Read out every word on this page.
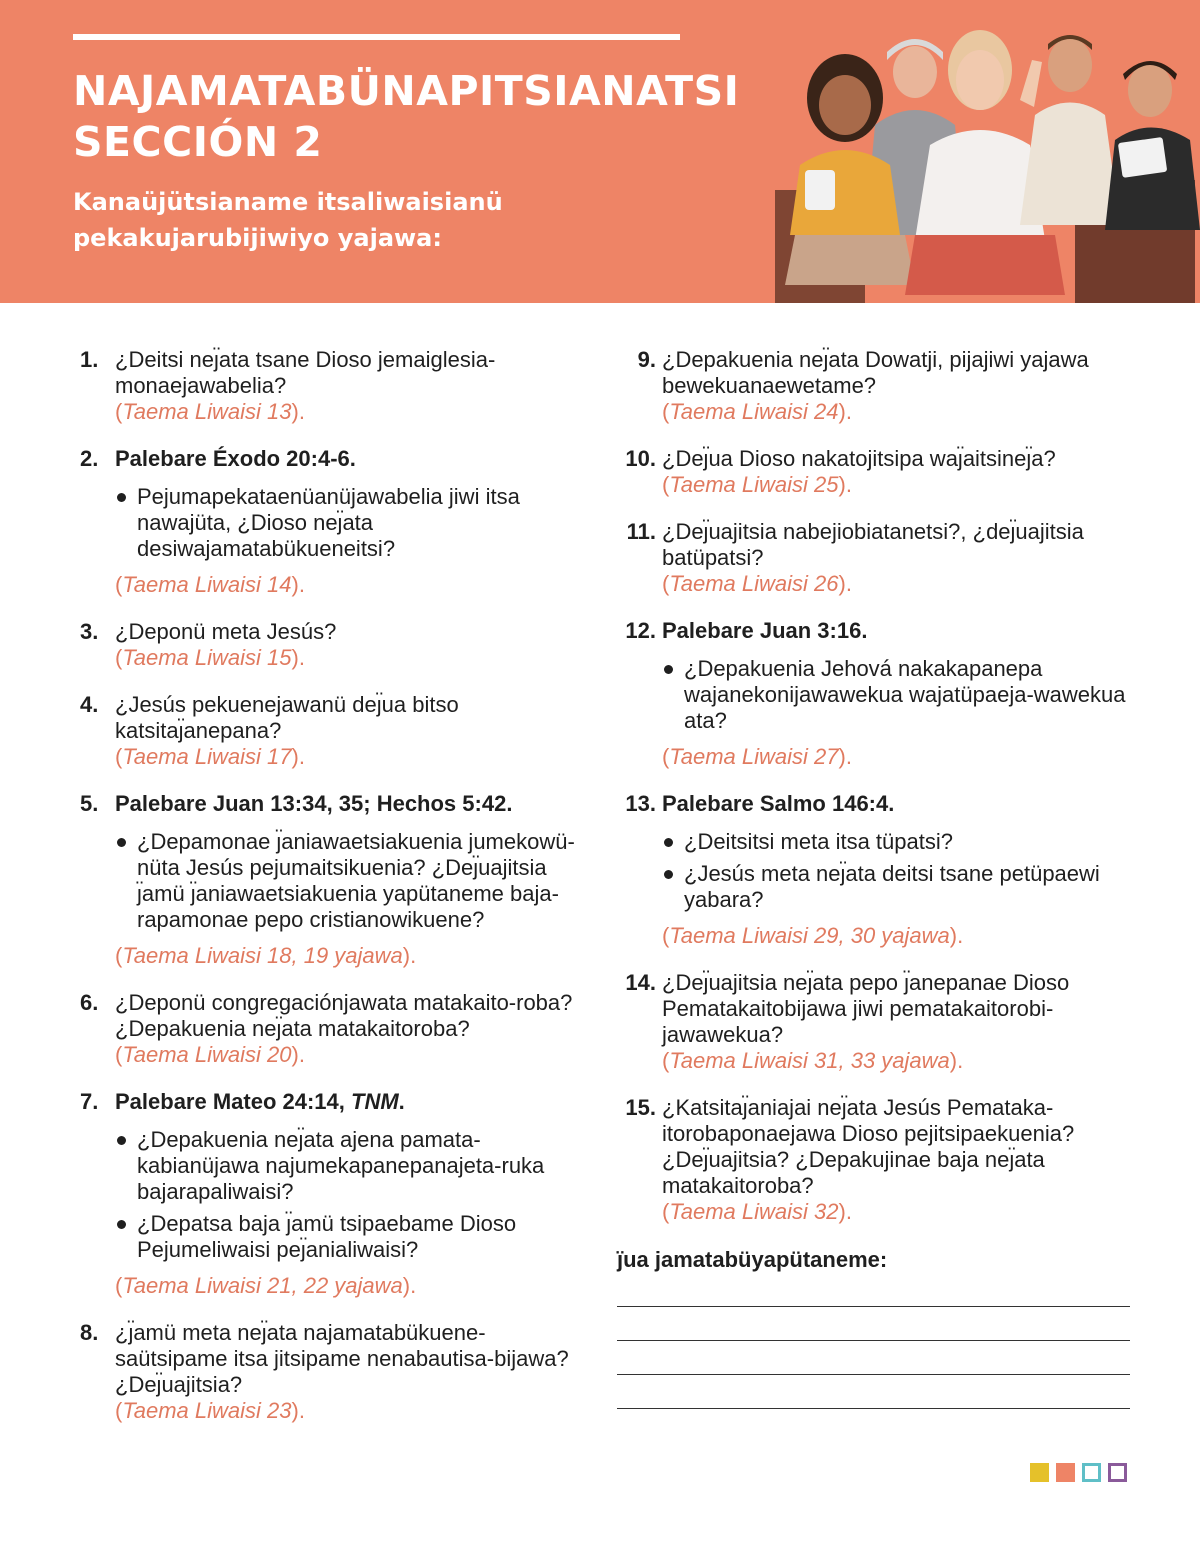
NAJAMATABÜNAPITSIANATSI
SECCIÓN 2
Kanaüjütsianame itsaliwaisianü pekakujarubijiwiyo yajawa:
1. ¿Deitsi neȷ̈ata tsane Dioso jemaiglesia-monaejawabelia?
(Taema Liwaisi 13).
2. Palebare Éxodo 20:4-6.
Pejumapekataenüanüjawabelia jiwi itsa nawajüta, ¿Dioso neȷ̈ata desiwajamatabükueneitsi?
(Taema Liwaisi 14).
3. ¿Deponü meta Jesús?
(Taema Liwaisi 15).
4. ¿Jesús pekuenejawanü deȷ̈ua bitso katsitaȷ̈anepana?
(Taema Liwaisi 17).
5. Palebare Juan 13:34, 35; Hechos 5:42.
¿Depamonae ȷ̈aniawaetsiakuenia jumekowü-nüta Jesús pejumaitsikuenia? ¿Deȷ̈uajitsia ȷ̈amü ȷ̈aniawaetsiakuenia yapütaneme baja-rapamonae pepo cristianowikuene?
(Taema Liwaisi 18, 19 yajawa).
6. ¿Deponü congregaciónjawata matakaito-roba? ¿Depakuenia neȷ̈ata matakaitoroba?
(Taema Liwaisi 20).
7. Palebare Mateo 24:14, TNM.
¿Depakuenia neȷ̈ata ajena pamata-kabianüjawa najumekapanepanajeta-ruka bajarapaliwaisi?
¿Depatsa baja ȷ̈amü tsipaebame Dioso Pejumeliwaisi peȷ̈anialiwaisi?
(Taema Liwaisi 21, 22 yajawa).
8. ¿ȷ̈amü meta neȷ̈ata najamatabükuene-saütsipame itsa jitsipame nenabautisa-bijawa? ¿Deȷ̈uajitsia?
(Taema Liwaisi 23).
9. ¿Depakuenia neȷ̈ata Dowatji, pijajiwi yajawa bewekuanaewetame?
(Taema Liwaisi 24).
10. ¿Deȷ̈ua Dioso nakatojitsipa waȷ̈aitsineȷ̈a?
(Taema Liwaisi 25).
11. ¿Deȷ̈uajitsia nabejiobiatanetsi?, ¿deȷ̈uajitsia batüpatsi?
(Taema Liwaisi 26).
12. Palebare Juan 3:16.
¿Depakuenia Jehová nakakapanepa wajanekonijawawekua wajatüpaeja-wawekua ata?
(Taema Liwaisi 27).
13. Palebare Salmo 146:4.
¿Deitsitsi meta itsa tüpatsi?
¿Jesús meta neȷ̈ata deitsi tsane petüpaewi yabara?
(Taema Liwaisi 29, 30 yajawa).
14. ¿Deȷ̈uajitsia neȷ̈ata pepo ȷ̈anepanae Dioso Pematakaitobijawa jiwi pematakaitorobi-jawawekua?
(Taema Liwaisi 31, 33 yajawa).
15. ¿Katsitaȷ̈aniajai neȷ̈ata Jesús Pemataka-itorobaponaejawa Dioso pejitsipaekuenia? ¿Deȷ̈uajitsia? ¿Depakujinae baja neȷ̈ata matakaitoroba?
(Taema Liwaisi 32).
ȷ̈ua jamatabüyapütaneme:
